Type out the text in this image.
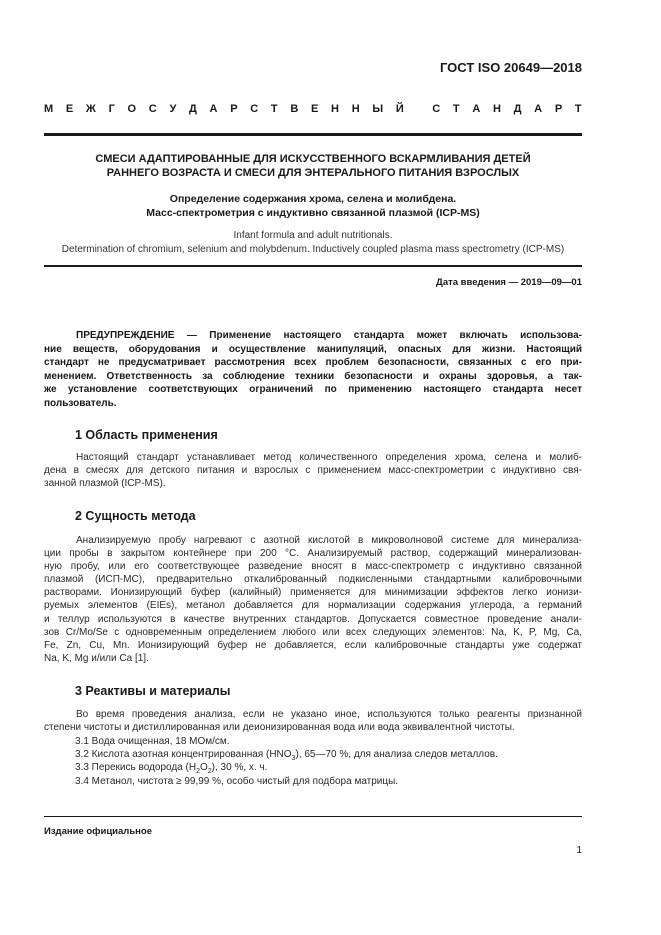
ГОСТ ISO 20649—2018
М Е Ж Г О С У Д А Р С Т В Е Н Н Ы Й
	С Т А Н Д А Р Т
СМЕСИ АДАПТИРОВАННЫЕ ДЛЯ ИСКУССТВЕННОГО ВСКАРМЛИВАНИЯ ДЕТЕЙ
РАННЕГО ВОЗРАСТА И СМЕСИ ДЛЯ ЭНТЕРАЛЬНОГО ПИТАНИЯ ВЗРОСЛЫХ
Определение содержания хрома, селена и молибдена.
Масс-спектрометрия с индуктивно связанной плазмой (ICP-MS)
Infant formula and adult nutritionals.
Determination of chromium, selenium and molybdenum. Inductively coupled plasma mass spectrometry (ICP-MS)
Дата введения — 2019—09—01
ПРЕДУПРЕЖДЕНИЕ — Применение настоящего стандарта может включать использова-
ние веществ, оборудования и осуществление манипуляций, опасных для жизни. Настоящий
стандарт не предусматривает рассмотрения всех проблем безопасности, связанных с его при-
менением. Ответственность за соблюдение техники безопасности и охраны здоровья, а так-
же установление соответствующих ограничений по применению настоящего стандарта несет
пользователь.
1 Область применения
Настоящий стандарт устанавливает метод количественного определения хрома, селена и молиб-
дена в смесях для детского питания и взрослых с применением масс-спектрометрии с индуктивно свя-
занной плазмой (ICP-MS).
2 Сущность метода
Анализируемую пробу нагревают с азотной кислотой в микроволновой системе для минерализа-
ции пробы в закрытом контейнере при 200 °C. Анализируемый раствор, содержащий минерализован-
ную пробу, или его соответствующее разведение вносят в масс-спектрометр с индуктивно связанной
плазмой (ИСП-МС), предварительно откалиброванный подкисленными стандартными калибровочными
растворами. Ионизирующий буфер (калийный) применяется для минимизации эффектов легко ионизи-
руемых элементов (EIEs), метанол добавляется для нормализации содержания углерода, а германий
и теллур используются в качестве внутренних стандартов. Допускается совместное проведение анали-
зов Cr/Mo/Se с одновременным определением любого или всех следующих элементов: Na, K, P, Mg, Ca,
Fe, Zn, Cu, Mn. Ионизирующий буфер не добавляется, если калибровочные стандарты уже содержат
Na, K, Mg и/или Ca [1].
3 Реактивы и материалы
Во время проведения анализа, если не указано иное, используются только реагенты признанной
степени чистоты и дистиллированная или деионизированная вода или вода эквивалентной чистоты.
3.1 Вода очищенная, 18 МОм/см.
3.2 Кислота азотная концентрированная $(HNO_3)$, 65—70 %, для анализа следов металлов.
3.3 Перекись водорода $(H_2O_2)$, 30 %, х. ч.
3.4 Метанол, чистота ≥ 99,99 %, особо чистый для подбора матрицы.
Издание официальное
1
